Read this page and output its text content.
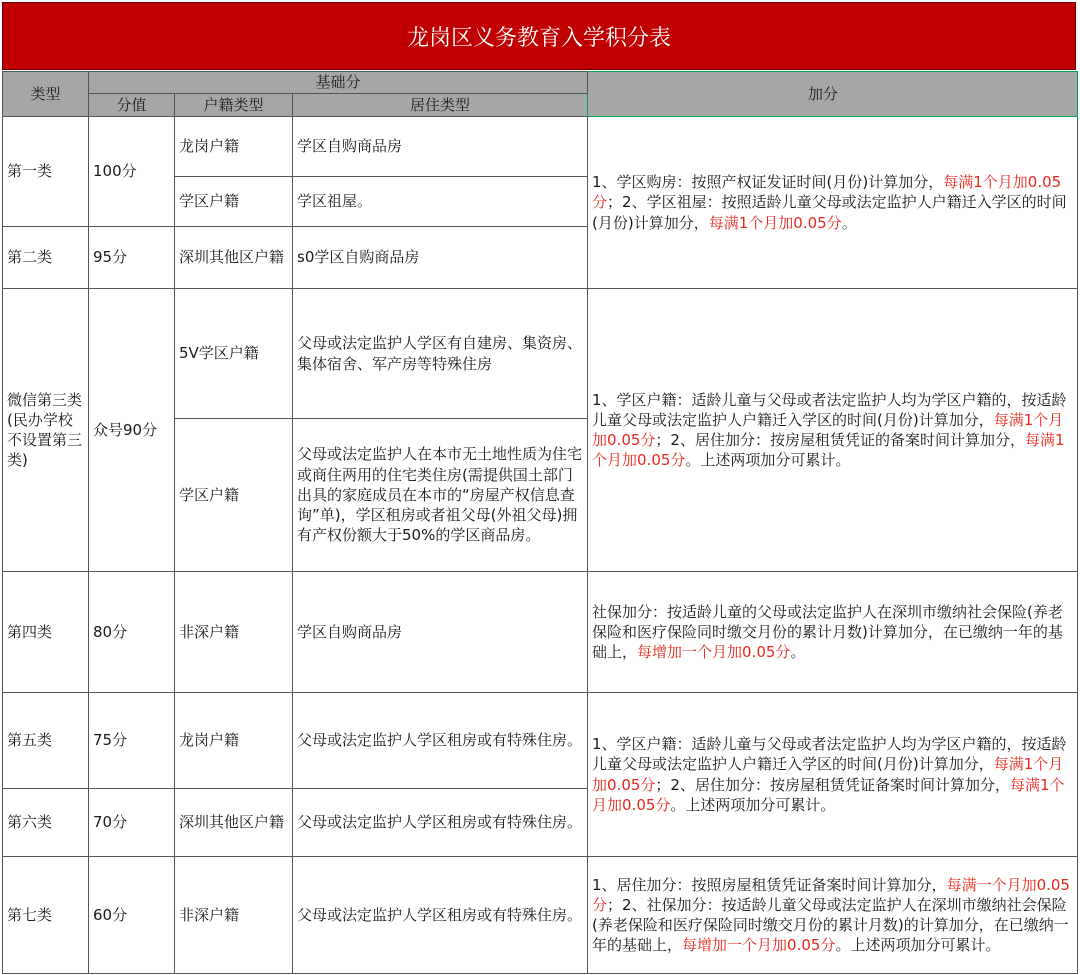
龙岗区义务教育入学积分表
类型	基础分			加分
	分值	户籍类型	居住类型	
第一类	100分	龙岗户籍	学区自购商品房	1、学区购房：按照产权证发证时间(月份)计算加分，每满1个月加0.05分；2、学区祖屋：按照适龄儿童父母或法定监护人户籍迁入学区的时间(月份)计算加分，每满1个月加0.05分。
		学区户籍	学区祖屋。	
第二类	95分	深圳其他区户籍	s0学区自购商品房	
微信第三类(民办学校不设置第三类)	众号90分	5V学区户籍	父母或法定监护人学区有自建房、集资房、集体宿舍、军产房等特殊住房	1、学区户籍：适龄儿童与父母或者法定监护人均为学区户籍的，按适龄儿童父母或法定监护人户籍迁入学区的时间(月份)计算加分，每满1个月加0.05分；2、居住加分：按房屋租赁凭证的备案时间计算加分，每满1个月加0.05分。上述两项加分可累计。
		学区户籍	父母或法定监护人在本市无土地性质为住宅或商住两用的住宅类住房(需提供国土部门出具的家庭成员在本市的“房屋产权信息查询”单)，学区租房或者祖父母(外祖父母)拥有产权份额大于50%的学区商品房。	
第四类	80分	非深户籍	学区自购商品房	社保加分：按适龄儿童的父母或法定监护人在深圳市缴纳社会保险(养老保险和医疗保险同时缴交月份的累计月数)计算加分，在已缴纳一年的基础上，每增加一个月加0.05分。
第五类	75分	龙岗户籍	父母或法定监护人学区租房或有特殊住房。	1、学区户籍：适龄儿童与父母或者法定监护人均为学区户籍的，按适龄儿童父母或法定监护人户籍迁入学区的时间(月份)计算加分，每满1个月加0.05分；2、居住加分：按房屋租赁凭证备案时间计算加分，每满1个月加0.05分。上述两项加分可累计。
第六类	70分	深圳其他区户籍	父母或法定监护人学区租房或有特殊住房。	
第七类	60分	非深户籍	父母或法定监护人学区租房或有特殊住房。	1、居住加分：按照房屋租赁凭证备案时间计算加分，每满一个月加0.05分；2、社保加分：按适龄儿童父母或法定监护人在深圳市缴纳社会保险(养老保险和医疗保险同时缴交月份的累计月数)的计算加分，在已缴纳一年的基础上，每增加一个月加0.05分。上述两项加分可累计。
